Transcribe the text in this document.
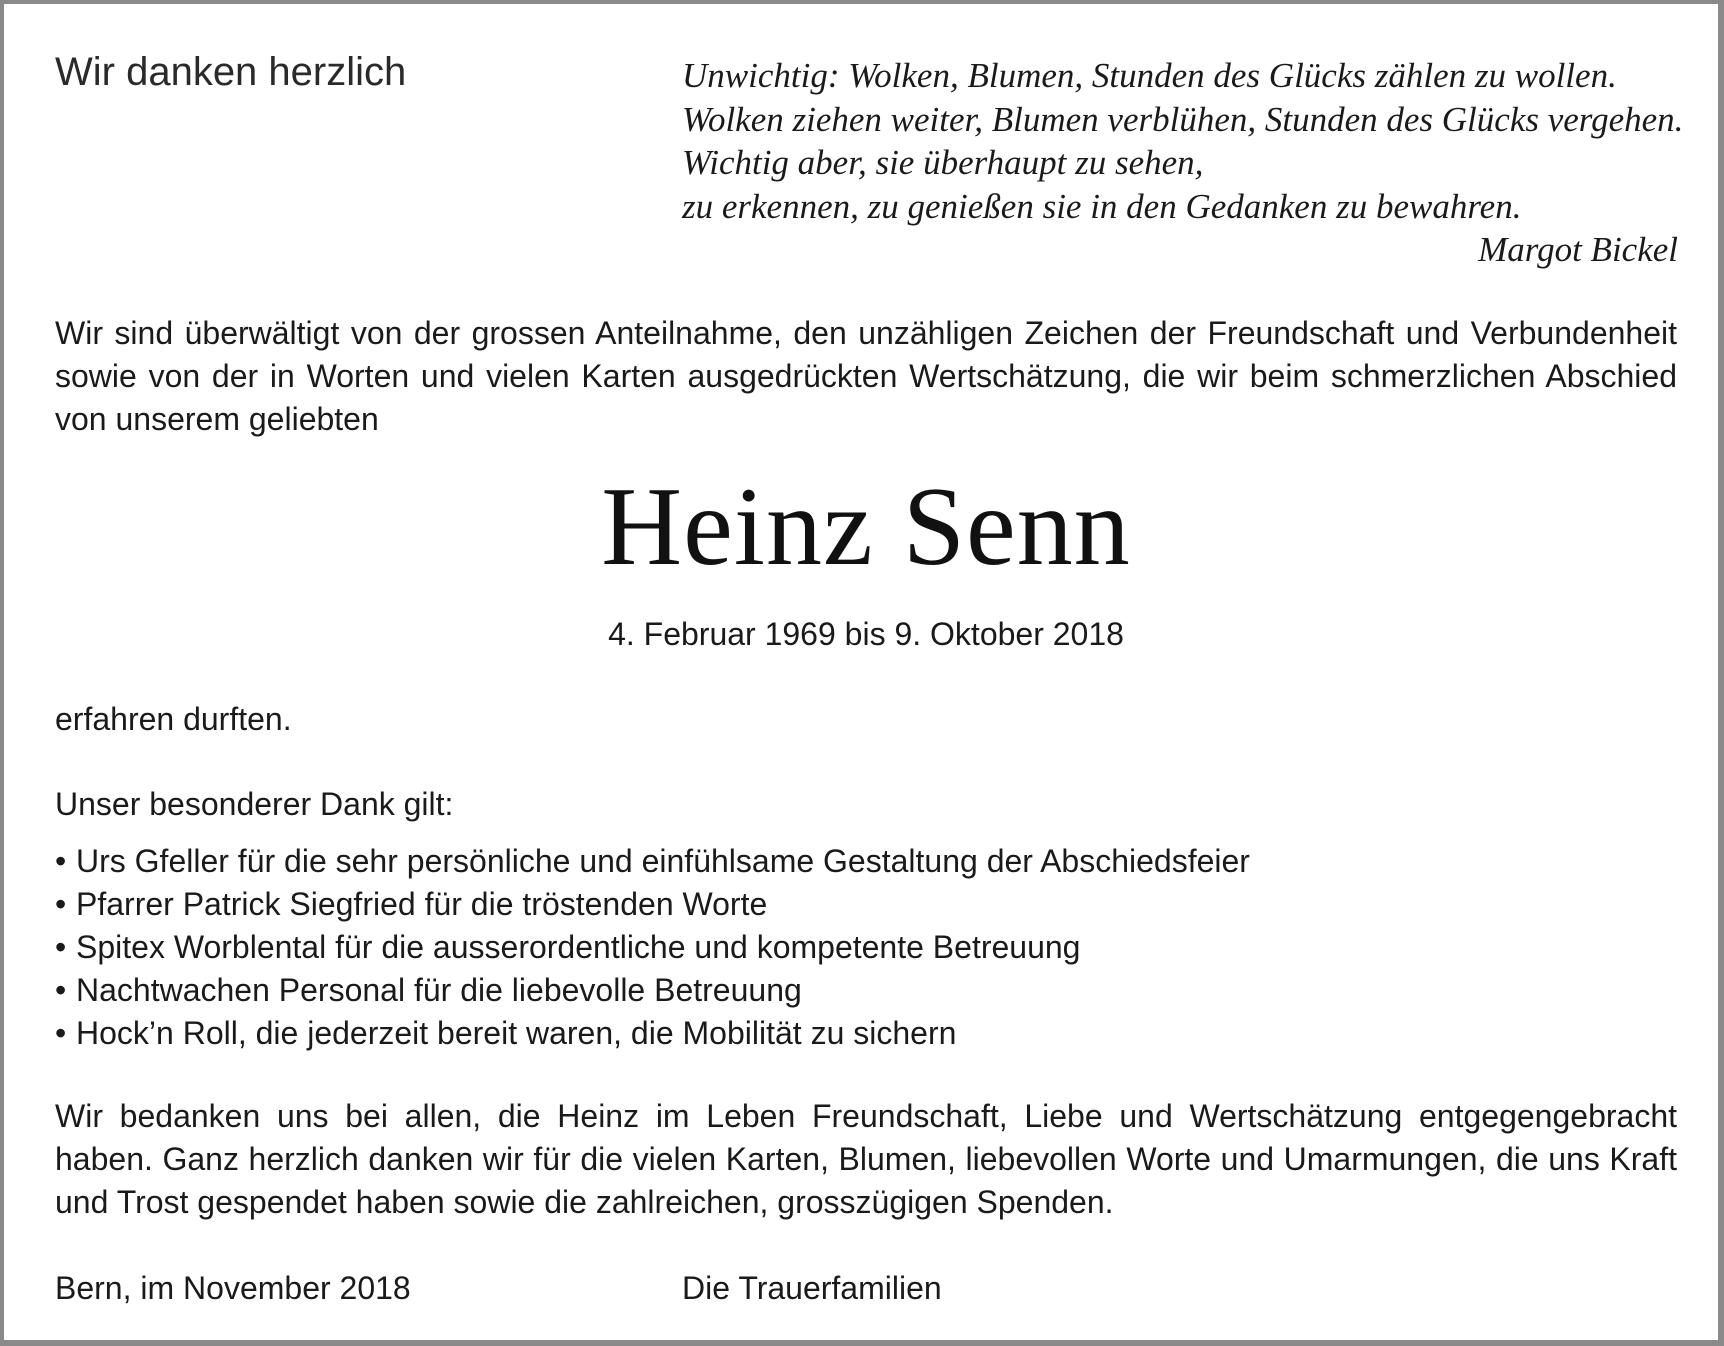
Wir danken herzlich	Unwichtig: Wolken, Blumen, Stunden des Glücks zählen zu wollen.
Wolken ziehen weiter, Blumen verblühen, Stunden des Glücks vergehen.
Wichtig aber, sie überhaupt zu sehen,
zu erkennen, zu genießen sie in den Gedanken zu bewahren.
Margot Bickel
Wir sind überwältigt von der grossen Anteilnahme, den unzähligen Zeichen der Freundschaft und Verbundenheit sowie von der in Worten und vielen Karten ausgedrückten Wertschätzung, die wir beim schmerzlichen Abschied von unserem geliebten
Heinz Senn
4. Februar 1969 bis 9. Oktober 2018
erfahren durften.
Unser besonderer Dank gilt:
• Urs Gfeller für die sehr persönliche und einfühlsame Gestaltung der Abschiedsfeier
• Pfarrer Patrick Siegfried für die tröstenden Worte
• Spitex Worblental für die ausserordentliche und kompetente Betreuung
• Nachtwachen Personal für die liebevolle Betreuung
• Hock’n Roll, die jederzeit bereit waren, die Mobilität zu sichern
Wir bedanken uns bei allen, die Heinz im Leben Freundschaft, Liebe und Wertschätzung entgegengebracht haben. Ganz herzlich danken wir für die vielen Karten, Blumen, liebevollen Worte und Umarmungen, die uns Kraft und Trost gespendet haben sowie die zahlreichen, grosszügigen Spenden.
Bern, im November 2018	Die Trauerfamilien
